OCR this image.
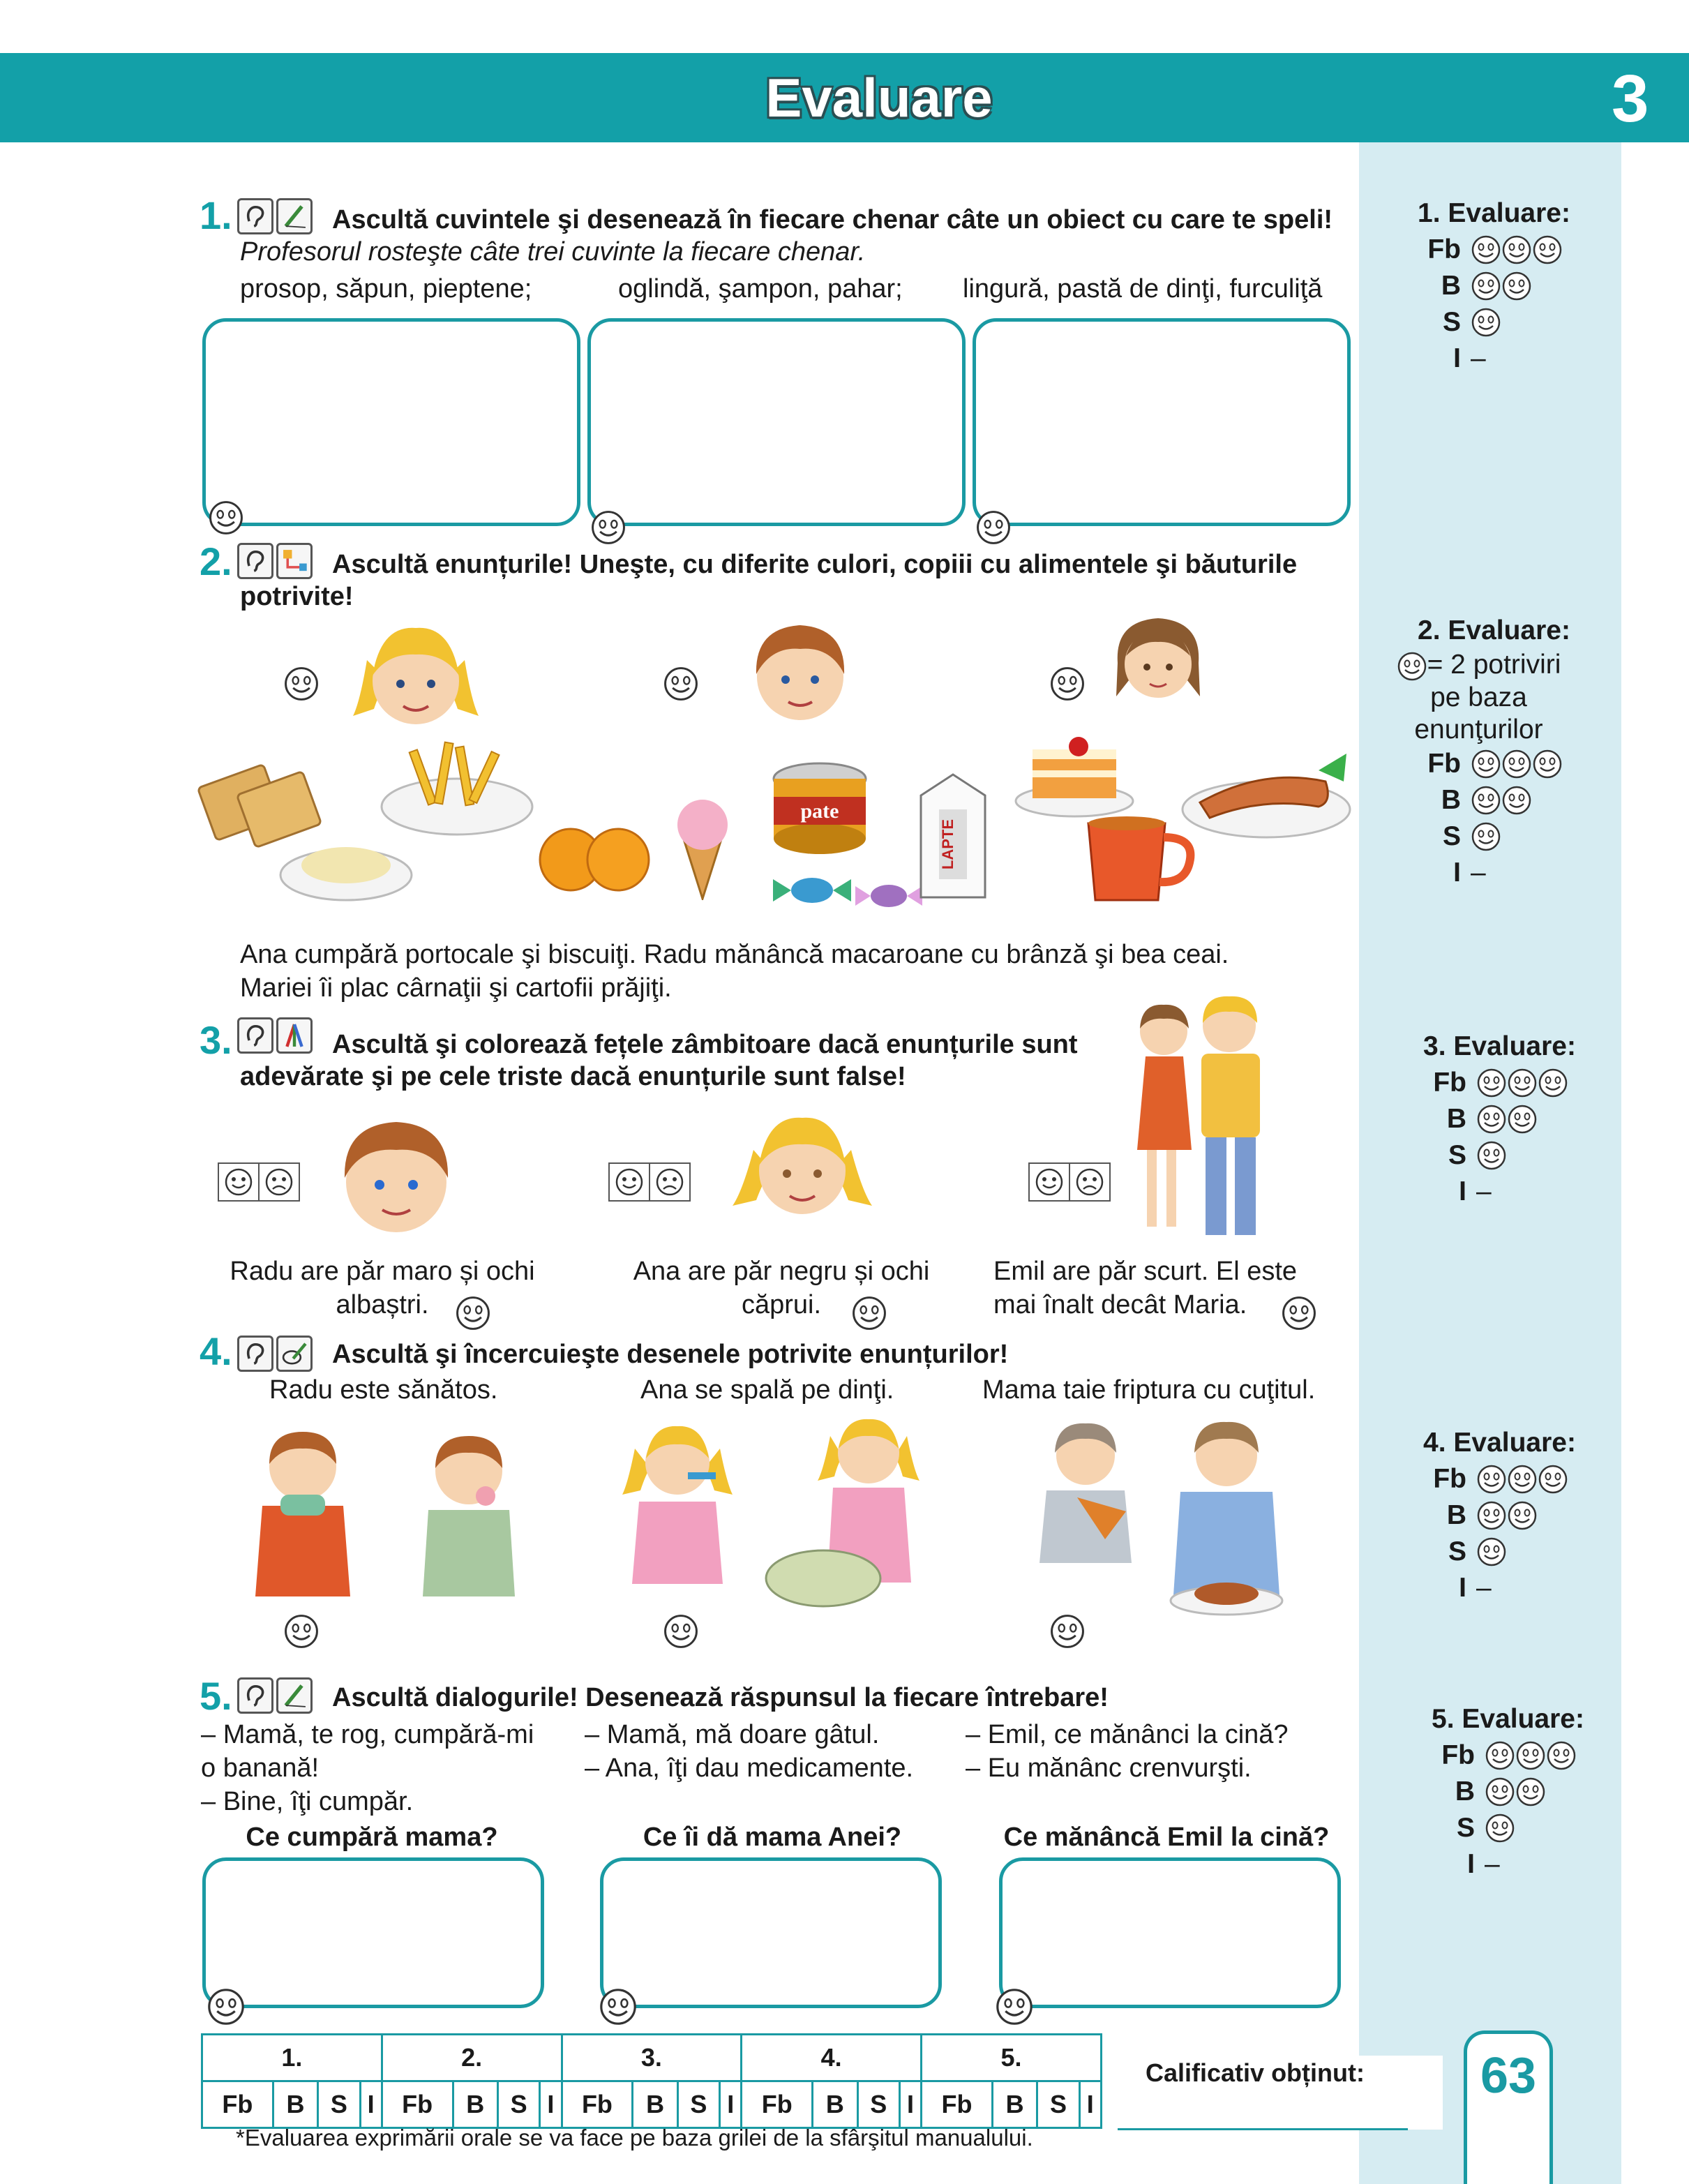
Evaluare	3
1.	Ascultă cuvintele şi desenează în fiecare chenar câte un obiect cu care te speli! Profesorul rosteşte câte trei cuvinte la fiecare chenar.
prosop, săpun, pieptene;	oglindă, şampon, pahar; lingură, pastă de dinţi, furculiţă
2.	Ascultă enunțurile! Uneşte, cu diferite culori, copiii cu alimentele şi băuturile potrivite!
pate
LAPTE
Ana cumpără portocale şi biscuiţi. Radu mănâncă macaroane cu brânză şi bea ceai.
Mariei îi plac cârnaţii şi cartofii prăjiţi.
3.	Ascultă şi colorează fețele zâmbitoare dacă enunțurile sunt adevărate şi pe cele triste dacă enunțurile sunt false!
Radu are păr maro și ochi
albaștri.
Ana are păr negru și ochi
căprui.
Emil are păr scurt. El este
mai înalt decât Maria.
4.	Ascultă şi încercuieşte desenele potrivite enunțurilor!
Radu este sănătos.	Ana se spală pe dinţi.	Mama taie friptura cu cuţitul.
5.	Ascultă dialogurile! Desenează răspunsul la fiecare întrebare!
– Mamă, te rog, cumpără-mi
o banană!
– Bine, îţi cumpăr.
– Mamă, mă doare gâtul.
– Ana, îţi dau medicamente.
– Emil, ce mănânci la cină?
– Eu mănânc crenvurşti.
Ce cumpără mama?	Ce îi dă mama Anei?	Ce mănâncă Emil la cină?
1.				2.				3.				4.				5.			
Fb	B	S	I	Fb	B	S	I	Fb	B	S	I	Fb	B	S	I	Fb	B	S	I
*Evaluarea exprimării orale se va face pe baza grilei de la sfârşitul manualului.
Calificativ obținut:	63
1. Evaluare:
Fb
B
S
I –
2. Evaluare:
= 2 potriviri
pe baza
enunţurilor
Fb
B
S
I –
3. Evaluare:
Fb
B
S
I –
4. Evaluare:
Fb
B
S
I –
5. Evaluare:
Fb
B
S
I –
